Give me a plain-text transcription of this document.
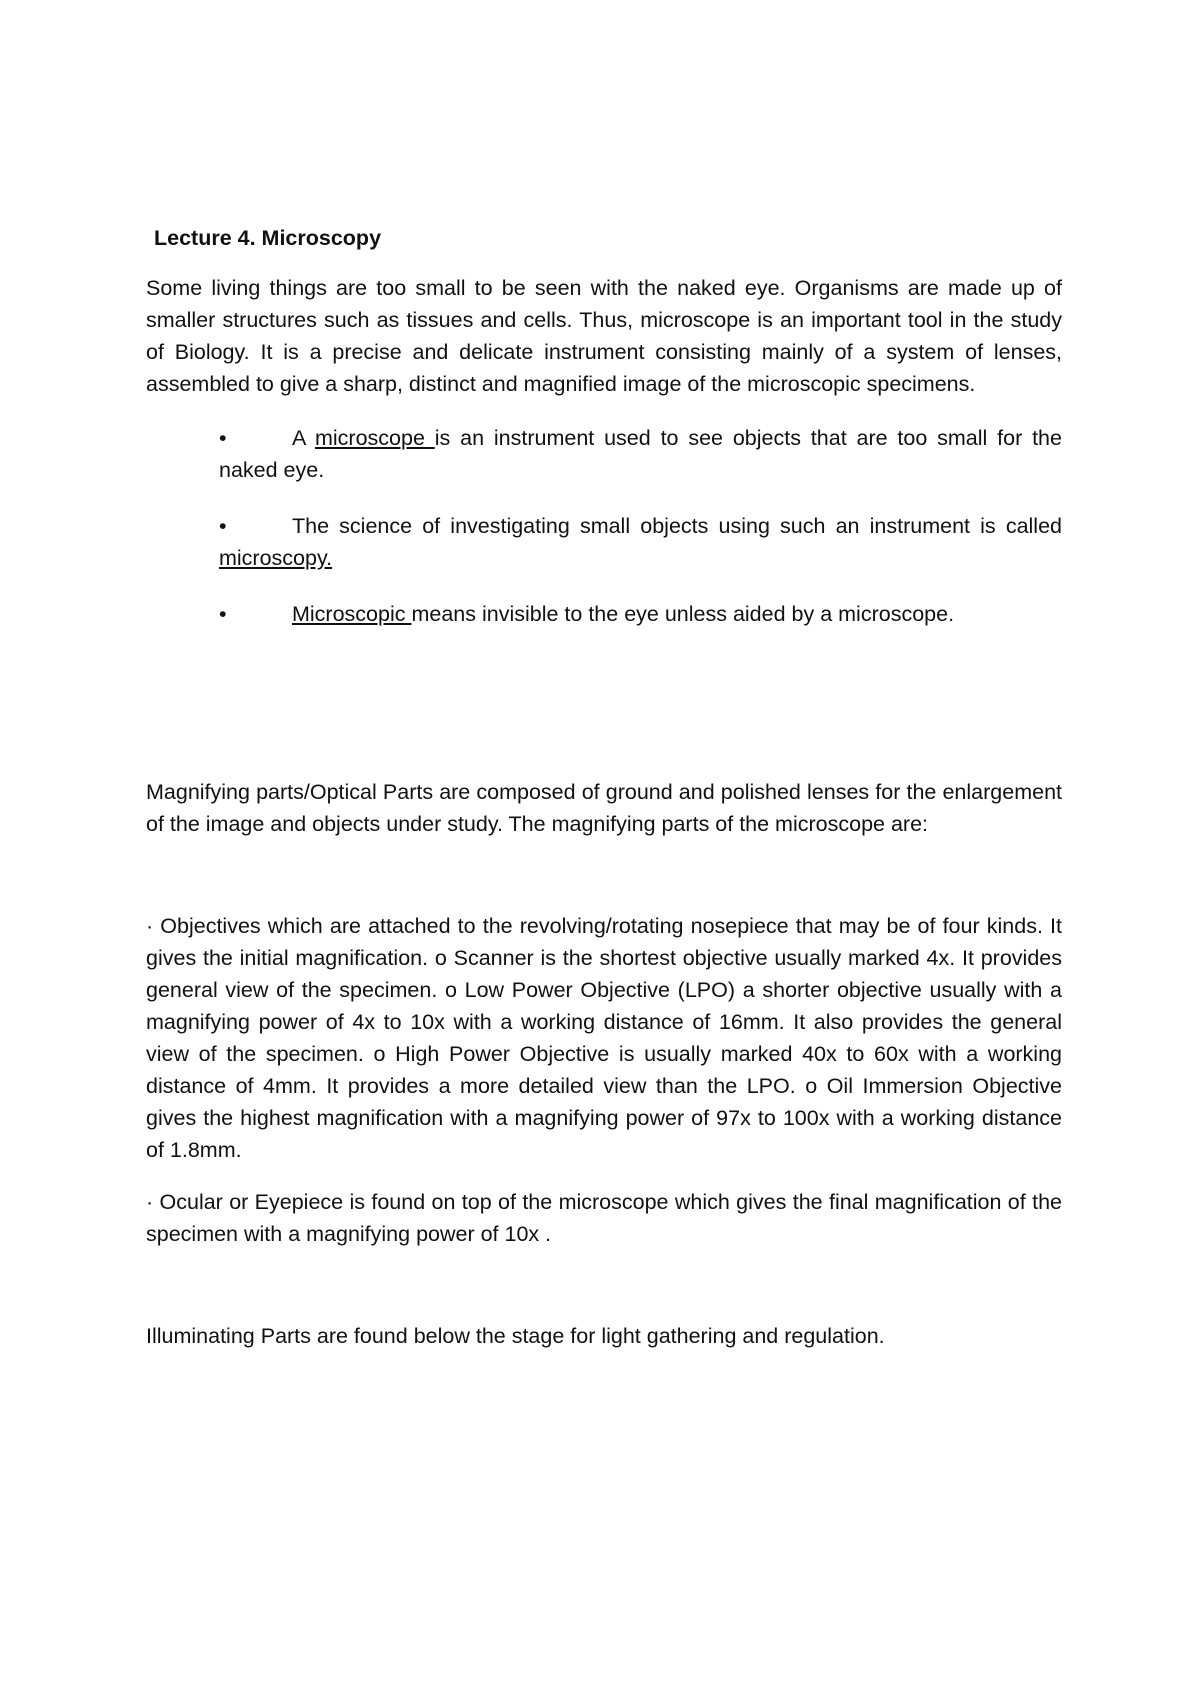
Lecture 4. Microscopy

Some living things are too small to be seen with the naked eye. Organisms are made up of smaller structures such as tissues and cells. Thus, microscope is an important tool in the study of Biology. It is a precise and delicate instrument consisting mainly of a system of lenses, assembled to give a sharp, distinct and magnified image of the microscopic specimens.

•	A microscope is an instrument used to see objects that are too small for the naked eye.
•	The science of investigating small objects using such an instrument is called microscopy.
•	Microscopic means invisible to the eye unless aided by a microscope.

Magnifying parts/Optical Parts are composed of ground and polished lenses for the enlargement of the image and objects under study. The magnifying parts of the microscope are:

· Objectives which are attached to the revolving/rotating nosepiece that may be of four kinds. It gives the initial magnification. o Scanner is the shortest objective usually marked 4x. It provides general view of the specimen. o Low Power Objective (LPO) a shorter objective usually with a magnifying power of 4x to 10x with a working distance of 16mm. It also provides the general view of the specimen. o High Power Objective is usually marked 40x to 60x with a working distance of 4mm. It provides a more detailed view than the LPO. o Oil Immersion Objective gives the highest magnification with a magnifying power of 97x to 100x with a working distance of 1.8mm.

· Ocular or Eyepiece is found on top of the microscope which gives the final magnification of the specimen with a magnifying power of 10x .

Illuminating Parts are found below the stage for light gathering and regulation.
